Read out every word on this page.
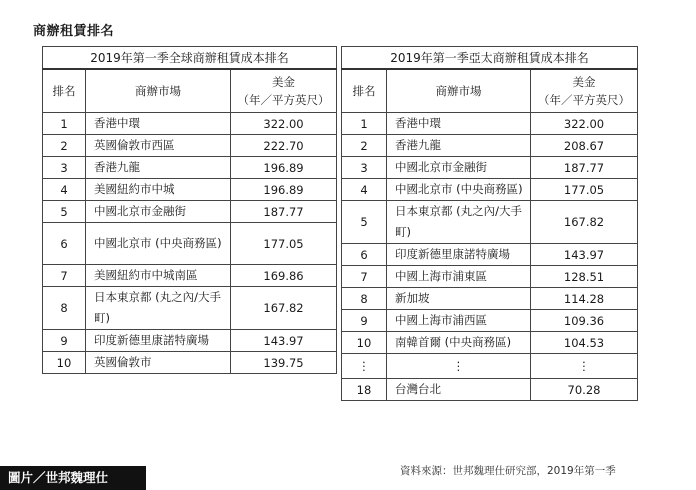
商辦租賃排名
2019年第一季全球商辦租賃成本排名		
排名	商辦市場	美金
（年／平方英尺）

1	香港中環	322.00
2	英國倫敦市西區	222.70
3	香港九龍	196.89
4	美國紐約市中城	196.89
5	中國北京市金融街	187.77
6	中國北京市 (中央商務區)	177.05
7	美國紐約市中城南區	169.86
8	日本東京都 (丸之內/大手町)	167.82
9	印度新德里康諾特廣場	143.97
10	英國倫敦市	139.75
2019年第一季亞太商辦租賃成本排名		
排名	商辦市場	美金
（年／平方英尺）

1	香港中環	322.00
2	香港九龍	208.67
3	中國北京市金融街	187.77
4	中國北京市 (中央商務區)	177.05
5	日本東京都 (丸之內/大手町)	167.82
6	印度新德里康諾特廣場	143.97
7	中國上海市浦東區	128.51
8	新加坡	114.28
9	中國上海市浦西區	109.36
10	南韓首爾 (中央商務區)	104.53
⋮	⋮	⋮
18	台灣台北	70.28
資料來源：世邦魏理仕研究部，2019年第一季
圖片／世邦魏理仕
